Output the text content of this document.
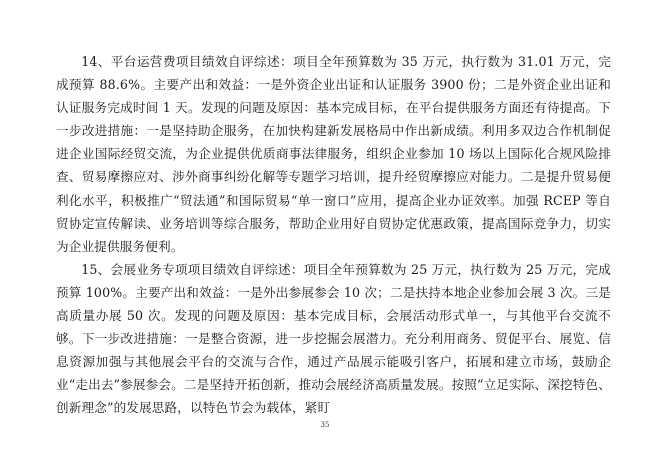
14、平台运营费项目绩效自评综述：项目全年预算数为 35 万元，执行数为 31.01 万元，完成预算 88.6%。主要产出和效益：一是外资企业出证和认证服务 3900 份；二是外资企业出证和认证服务完成时间 1 天。发现的问题及原因：基本完成目标，在平台提供服务方面还有待提高。下一步改进措施：一是坚持助企服务，在加快构建新发展格局中作出新成绩。利用多双边合作机制促进企业国际经贸交流，为企业提供优质商事法律服务，组织企业参加 10 场以上国际化合规风险排查、贸易摩擦应对、涉外商事纠纷化解等专题学习培训，提升经贸摩擦应对能力。二是提升贸易便利化水平，积极推广“贸法通”和国际贸易“单一窗口”应用，提高企业办证效率。加强 RCEP 等自贸协定宣传解读、业务培训等综合服务，帮助企业用好自贸协定优惠政策，提高国际竞争力，切实为企业提供服务便利。

15、会展业务专项项目绩效自评综述：项目全年预算数为 25 万元，执行数为 25 万元，完成预算 100%。主要产出和效益：一是外出参展参会 10 次；二是扶持本地企业参加会展 3 次。三是高质量办展 50 次。发现的问题及原因：基本完成目标，会展活动形式单一，与其他平台交流不够。下一步改进措施：一是整合资源，进一步挖掘会展潜力。充分利用商务、贸促平台、展览、信息资源加强与其他展会平台的交流与合作，通过产品展示能吸引客户，拓展和建立市场，鼓励企业“走出去”参展参会。二是坚持开拓创新，推动会展经济高质量发展。按照“立足实际、深挖特色、创新理念”的发展思路，以特色节会为载体，紧盯

35
